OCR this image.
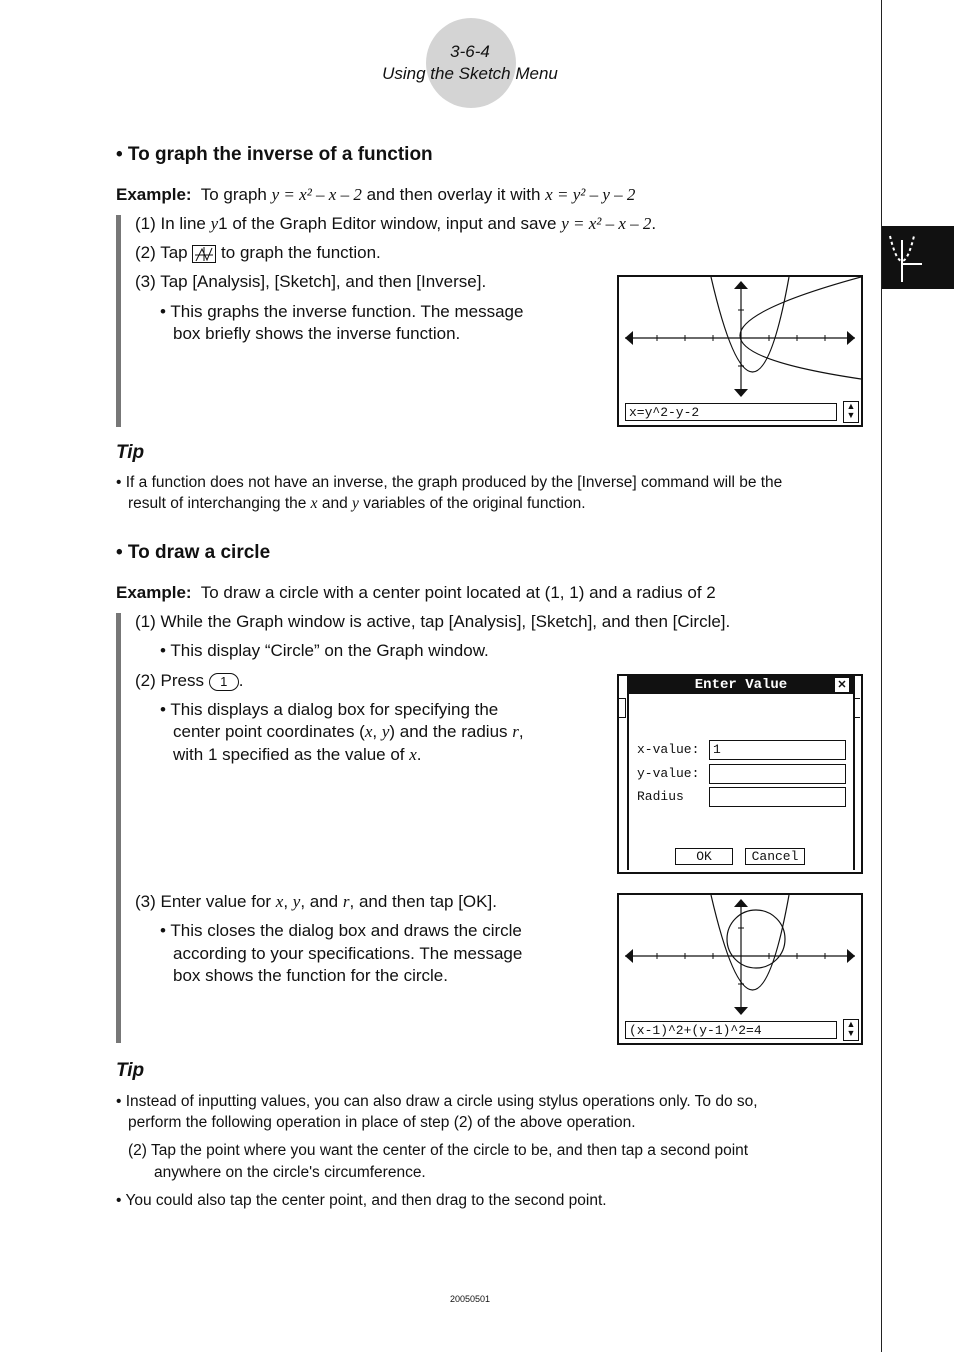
3-6-4
Using the Sketch Menu
• To graph the inverse of a function
Example: To graph y = x² – x – 2 and then overlay it with x = y² – y – 2
(1) In line y1 of the Graph Editor window, input and save y = x² – x – 2.
(2) Tap
to graph the function.
(3) Tap [Analysis], [Sketch], and then [Inverse].
• This graphs the inverse function. The message
box briefly shows the inverse function.
x=y^2-y-2	▲
▼
Tip
• If a function does not have an inverse, the graph produced by the [Inverse] command will be the
result of interchanging the x and y variables of the original function.
• To draw a circle
Example: To draw a circle with a center point located at (1, 1) and a radius of 2
(1) While the Graph window is active, tap [Analysis], [Sketch], and then [Circle].
• This display “Circle” on the Graph window.
(2) Press 1 .
• This displays a dialog box for specifying the
center point coordinates (x, y) and the radius r,
with 1 specified as the value of x.
Enter Value	✕
x-value:	1
y-value:
Radius
OK	Cancel
(3) Enter value for x, y, and r, and then tap [OK].
• This closes the dialog box and draws the circle
according to your specifications. The message
box shows the function for the circle.
(x-1)^2+(y-1)^2=4	▲
▼
Tip
• Instead of inputting values, you can also draw a circle using stylus operations only. To do so,
perform the following operation in place of step (2) of the above operation.
(2) Tap the point where you want the center of the circle to be, and then tap a second point
anywhere on the circle's circumference.
• You could also tap the center point, and then drag to the second point.
20050501
